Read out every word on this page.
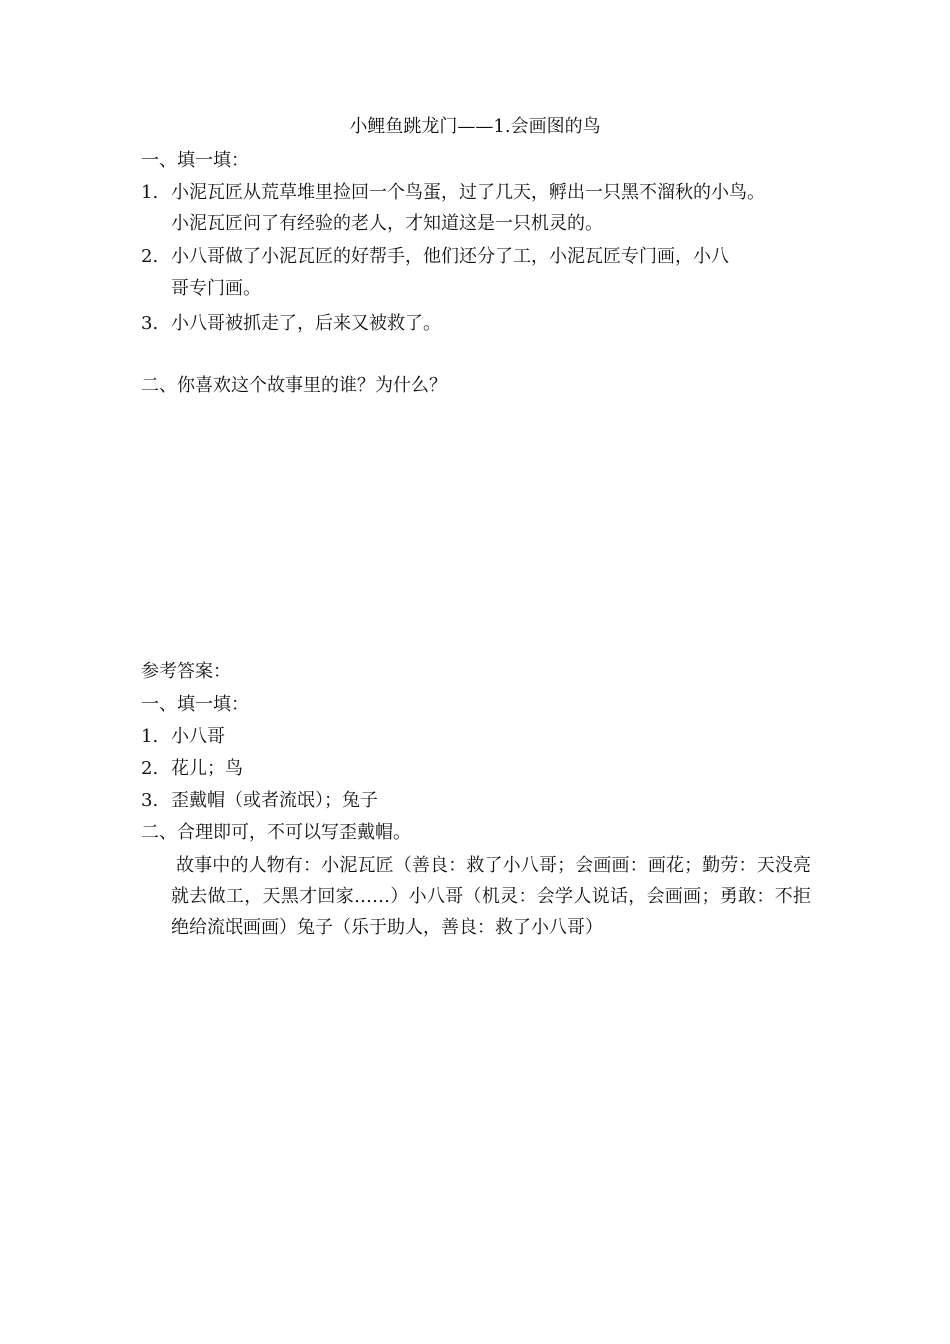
小鲤鱼跳龙门——1.会画图的鸟
一、填一填：
1. 小泥瓦匠从荒草堆里捡回一个鸟蛋，过了几天，孵出一只黑不溜秋的小鸟。
小泥瓦匠问了有经验的老人，才知道这是一只机灵的。
2. 小八哥做了小泥瓦匠的好帮手，他们还分了工，小泥瓦匠专门画，小八
哥专门画。
3. 小八哥被抓走了，后来又被救了。
二、你喜欢这个故事里的谁？为什么？
参考答案：
一、填一填：
1. 小八哥
2. 花儿；鸟
3. 歪戴帽（或者流氓）；兔子
二、合理即可，不可以写歪戴帽。
故事中的人物有：小泥瓦匠（善良：救了小八哥；会画画：画花；勤劳：天没亮就去做工，天黑才回家……）小八哥（机灵：会学人说话，会画画；勇敢：不拒绝给流氓画画）兔子（乐于助人，善良：救了小八哥）
